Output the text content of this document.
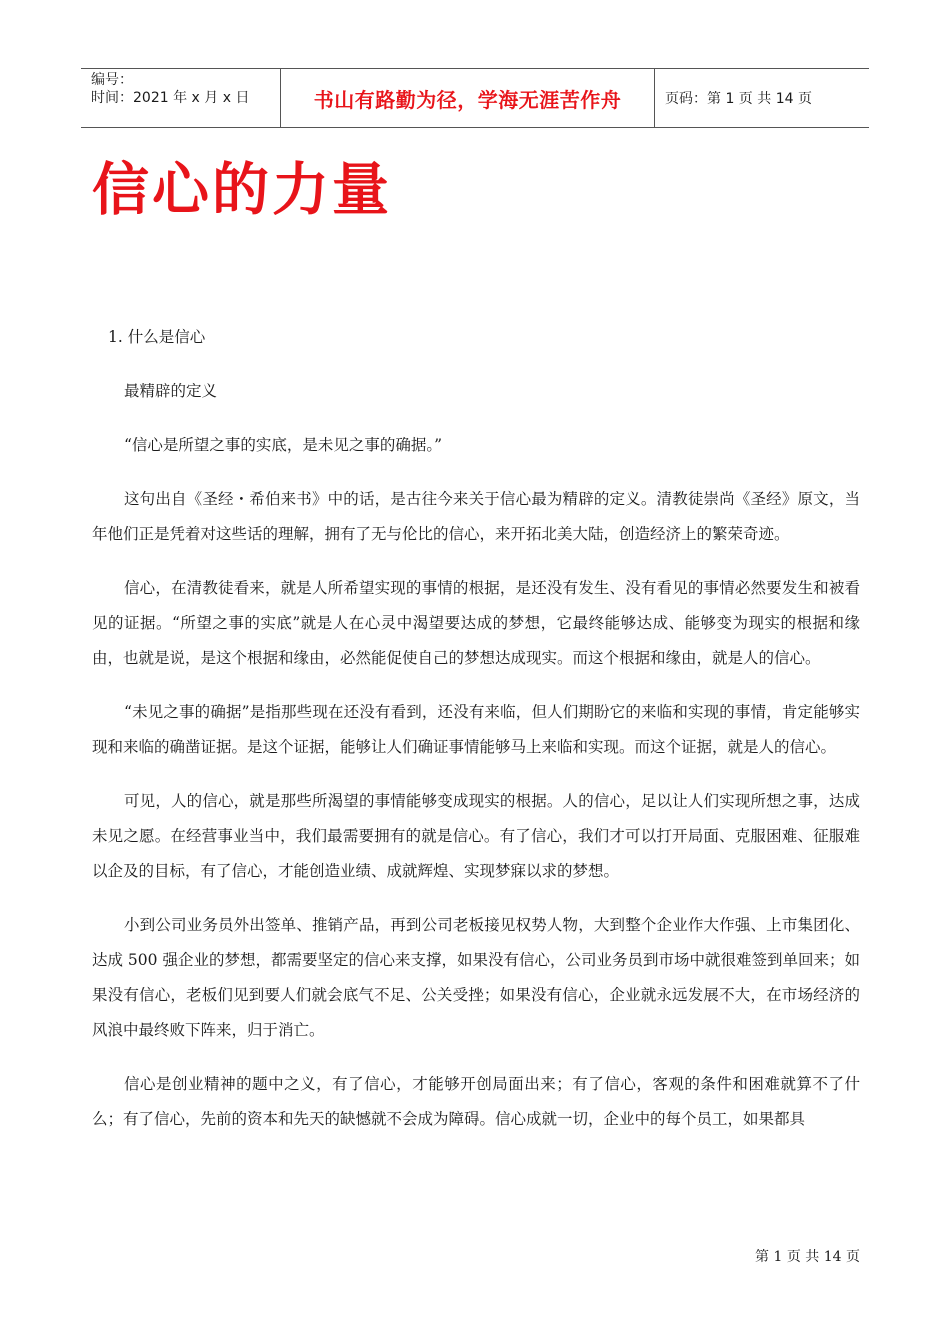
编号：
时间：2021 年 x 月 x 日	书山有路勤为径，学海无涯苦作舟	页码：第 1 页 共 14 页
信心的力量

1. 什么是信心

最精辟的定义

“信心是所望之事的实底，是未见之事的确据。”

这句出自《圣经・希伯来书》中的话，是古往今来关于信心最为精辟的定义。清教徒崇尚《圣经》原文，当年他们正是凭着对这些话的理解，拥有了无与伦比的信心，来开拓北美大陆，创造经济上的繁荣奇迹。

信心，在清教徒看来，就是人所希望实现的事情的根据，是还没有发生、没有看见的事情必然要发生和被看见的证据。“所望之事的实底”就是人在心灵中渴望要达成的梦想，它最终能够达成、能够变为现实的根据和缘由，也就是说，是这个根据和缘由，必然能促使自己的梦想达成现实。而这个根据和缘由，就是人的信心。

“未见之事的确据”是指那些现在还没有看到，还没有来临，但人们期盼它的来临和实现的事情，肯定能够实现和来临的确凿证据。是这个证据，能够让人们确证事情能够马上来临和实现。而这个证据，就是人的信心。

可见，人的信心，就是那些所渴望的事情能够变成现实的根据。人的信心，足以让人们实现所想之事，达成未见之愿。在经营事业当中，我们最需要拥有的就是信心。有了信心，我们才可以打开局面、克服困难、征服难以企及的目标，有了信心，才能创造业绩、成就辉煌、实现梦寐以求的梦想。

小到公司业务员外出签单、推销产品，再到公司老板接见权势人物，大到整个企业作大作强、上市集团化、达成 500 强企业的梦想，都需要坚定的信心来支撑，如果没有信心，公司业务员到市场中就很难签到单回来；如果没有信心，老板们见到要人们就会底气不足、公关受挫；如果没有信心，企业就永远发展不大，在市场经济的风浪中最终败下阵来，归于消亡。

信心是创业精神的题中之义，有了信心，才能够开创局面出来；有了信心，客观的条件和困难就算不了什么；有了信心，先前的资本和先天的缺憾就不会成为障碍。信心成就一切，企业中的每个员工，如果都具

第 1 页 共 14 页
